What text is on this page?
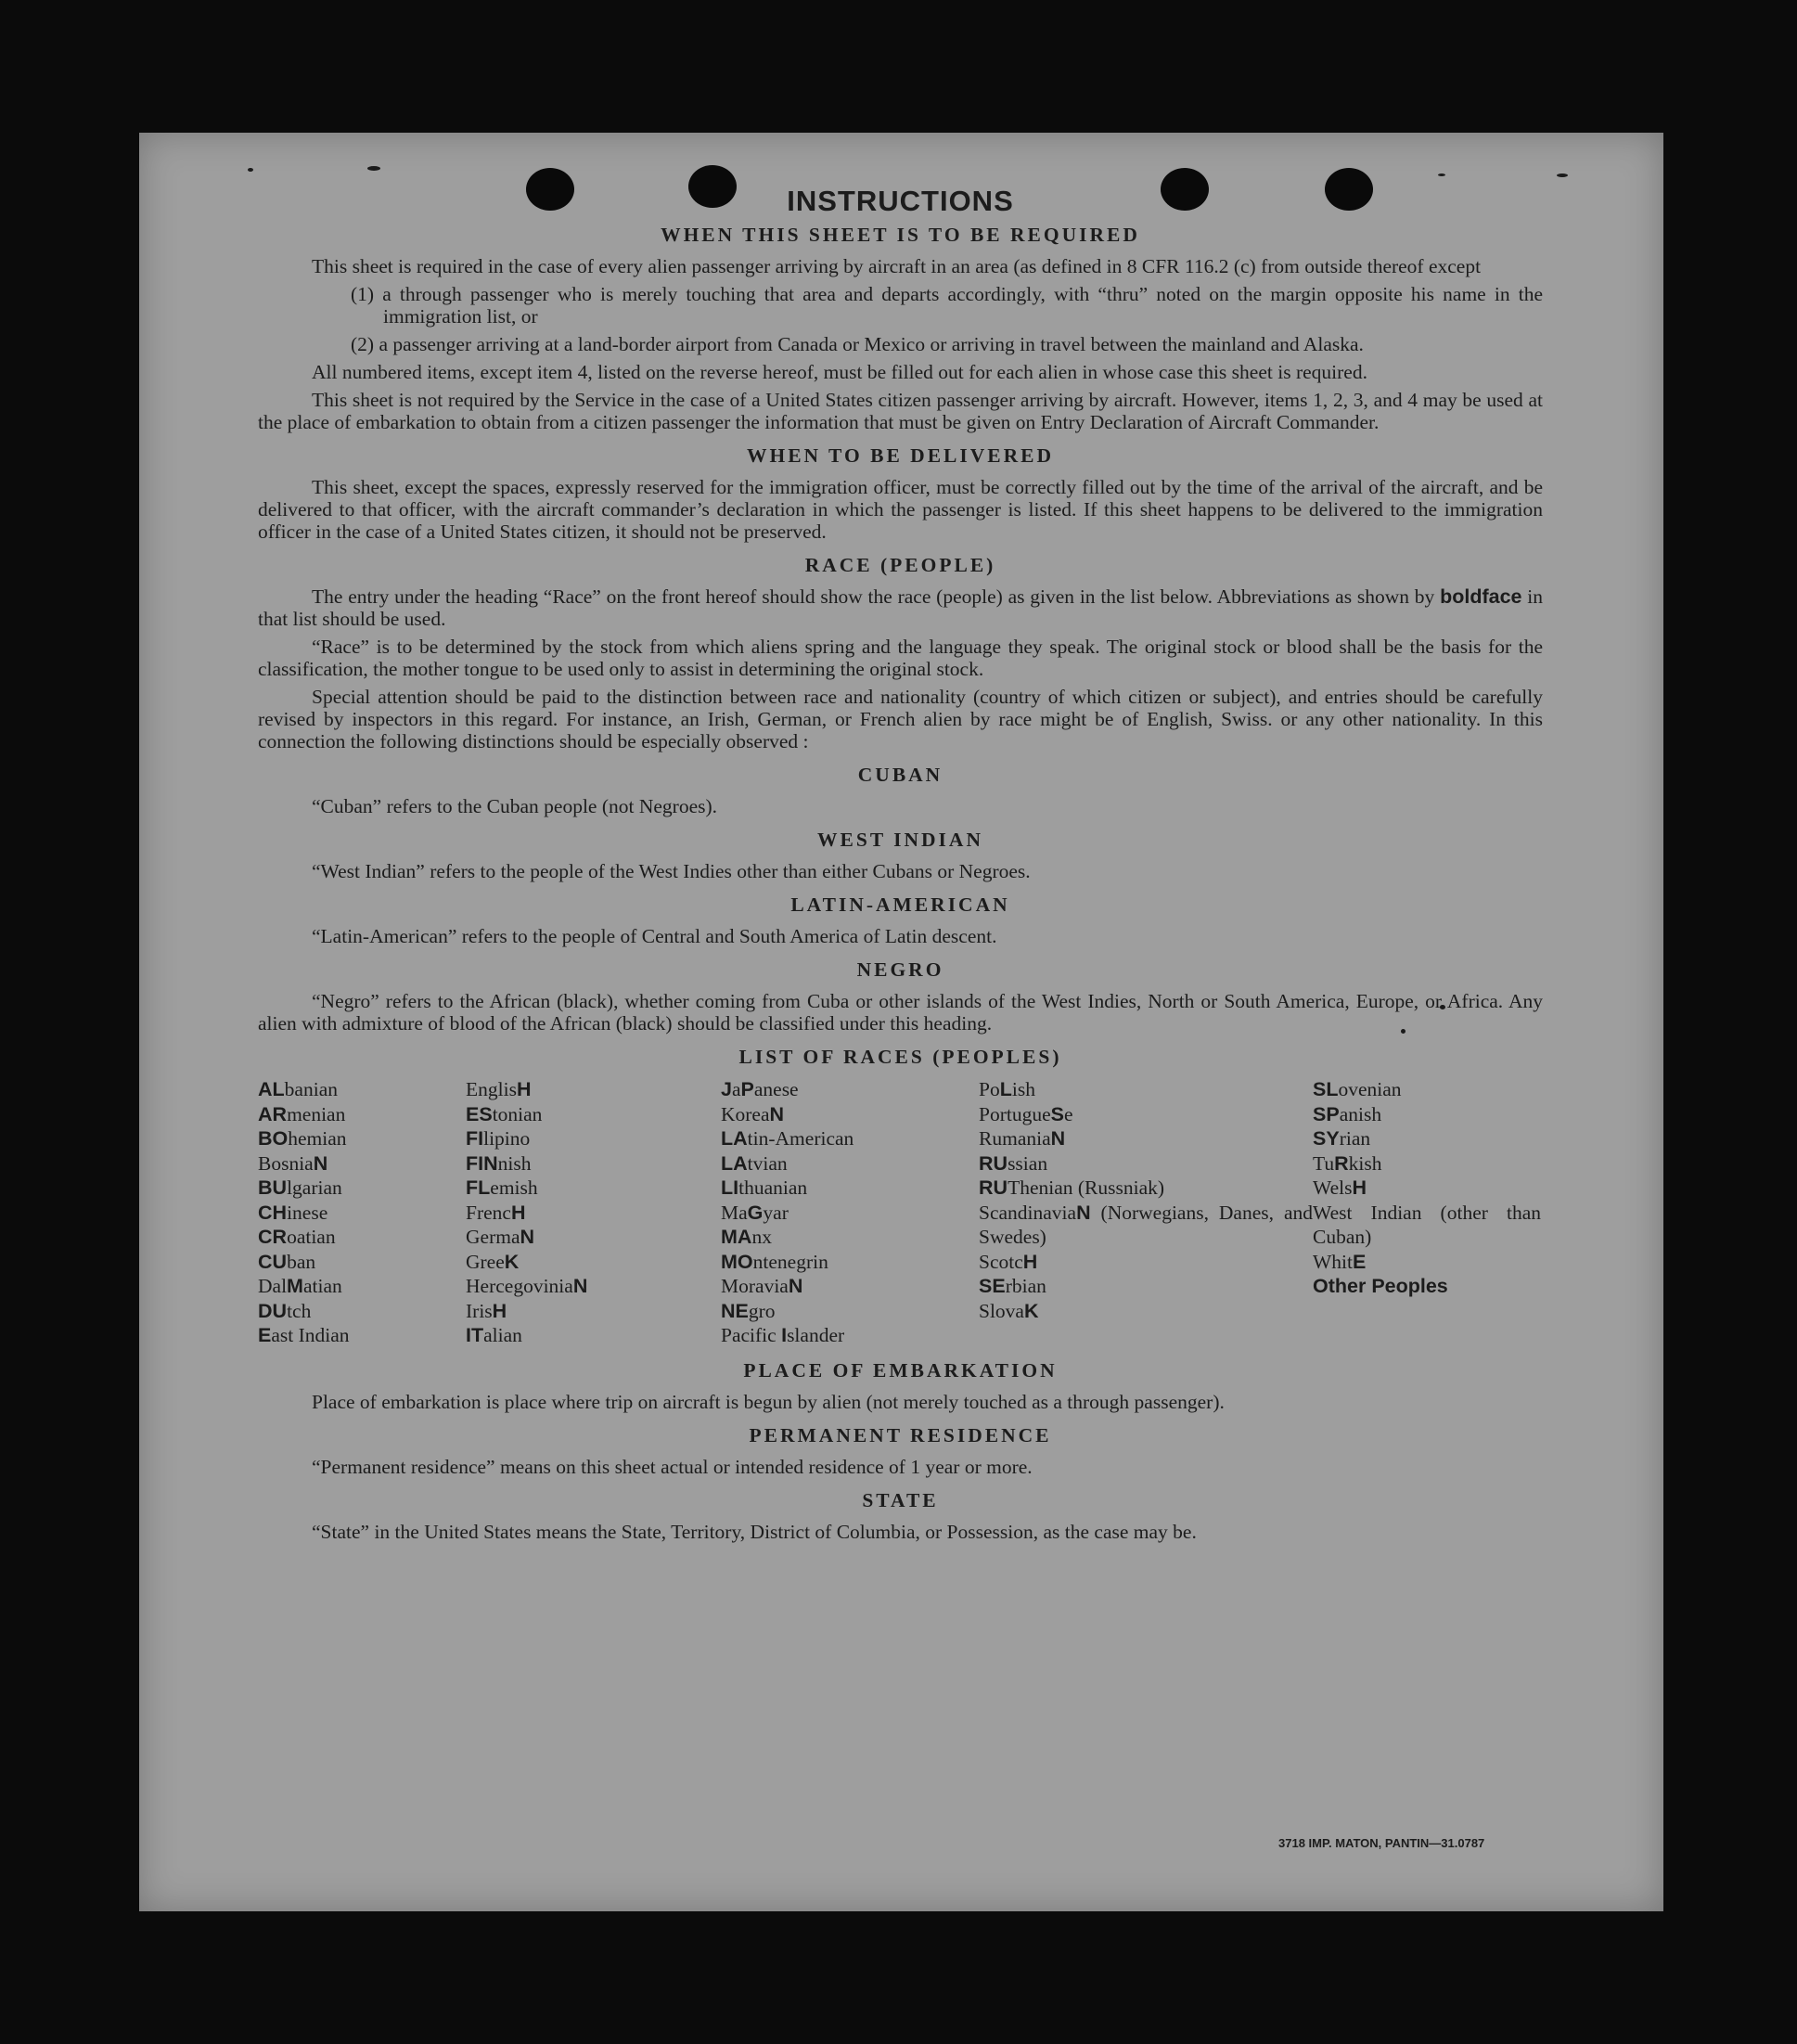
INSTRUCTIONS
WHEN THIS SHEET IS TO BE REQUIRED

This sheet is required in the case of every alien passenger arriving by aircraft in an area (as defined in 8 CFR 116.2 (c) from outside thereof except

(1) a through passenger who is merely touching that area and departs accordingly, with “thru” noted on the margin opposite his name in the immigration list, or
(2) a passenger arriving at a land-border airport from Canada or Mexico or arriving in travel between the mainland and Alaska.

All numbered items, except item 4, listed on the reverse hereof, must be filled out for each alien in whose case this sheet is required.

This sheet is not required by the Service in the case of a United States citizen passenger arriving by aircraft. However, items 1, 2, 3, and 4 may be used at the place of embarkation to obtain from a citizen passenger the information that must be given on Entry Declaration of Aircraft Commander.

WHEN TO BE DELIVERED

This sheet, except the spaces, expressly reserved for the immigration officer, must be correctly filled out by the time of the arrival of the aircraft, and be delivered to that officer, with the aircraft commander’s declaration in which the passenger is listed. If this sheet happens to be delivered to the immigration officer in the case of a United States citizen, it should not be preserved.

RACE (PEOPLE)

The entry under the heading “Race” on the front hereof should show the race (people) as given in the list below. Abbreviations as shown by boldface in that list should be used.

“Race” is to be determined by the stock from which aliens spring and the language they speak. The original stock or blood shall be the basis for the classification, the mother tongue to be used only to assist in determining the original stock.

Special attention should be paid to the distinction between race and nationality (country of which citizen or subject), and entries should be carefully revised by inspectors in this regard. For instance, an Irish, German, or French alien by race might be of English, Swiss. or any other nationality. In this connection the following distinctions should be especially observed :

CUBAN

“Cuban” refers to the Cuban people (not Negroes).

WEST INDIAN

“West Indian” refers to the people of the West Indies other than either Cubans or Negroes.

LATIN-AMERICAN

“Latin-American” refers to the people of Central and South America of Latin descent.

NEGRO

“Negro” refers to the African (black), whether coming from Cuba or other islands of the West Indies, North or South America, Europe, or Africa. Any alien with admixture of blood of the African (black) should be classified under this heading.

LIST OF RACES (PEOPLES)
ALbanian
ARmenian
BOhemian
BosniaN
BUlgarian
CHinese
CRoatian
CUban
DalMatian
DUtch
East Indian
EnglisH
EStonian
FIlipino
FINnish
FLemish
FrencH
GermaN
GreeK
HercegoviniaN
IrisH
ITalian
JaPanese
KoreaN
LAtin-American
LAtvian
LIthuanian
MaGyar
MAnx
MOntenegrin
MoraviaN
NEgro
Pacific Islander
PoLish
PortugueSe
RumaniaN
RUssian
RUThenian (Russniak)
ScandinaviaN (Norwegians, Danes, and Swedes)
ScotcH
SErbian
SlovaK
SLovenian
SPanish
SYrian
TuRkish
WelsH
West Indian (other than Cuban)
WhitE
Other Peoples
PLACE OF EMBARKATION

Place of embarkation is place where trip on aircraft is begun by alien (not merely touched as a through passenger).

PERMANENT RESIDENCE

“Permanent residence” means on this sheet actual or intended residence of 1 year or more.

STATE

“State” in the United States means the State, Territory, District of Columbia, or Possession, as the case may be.

3718 IMP. MATON, PANTIN—31.0787
